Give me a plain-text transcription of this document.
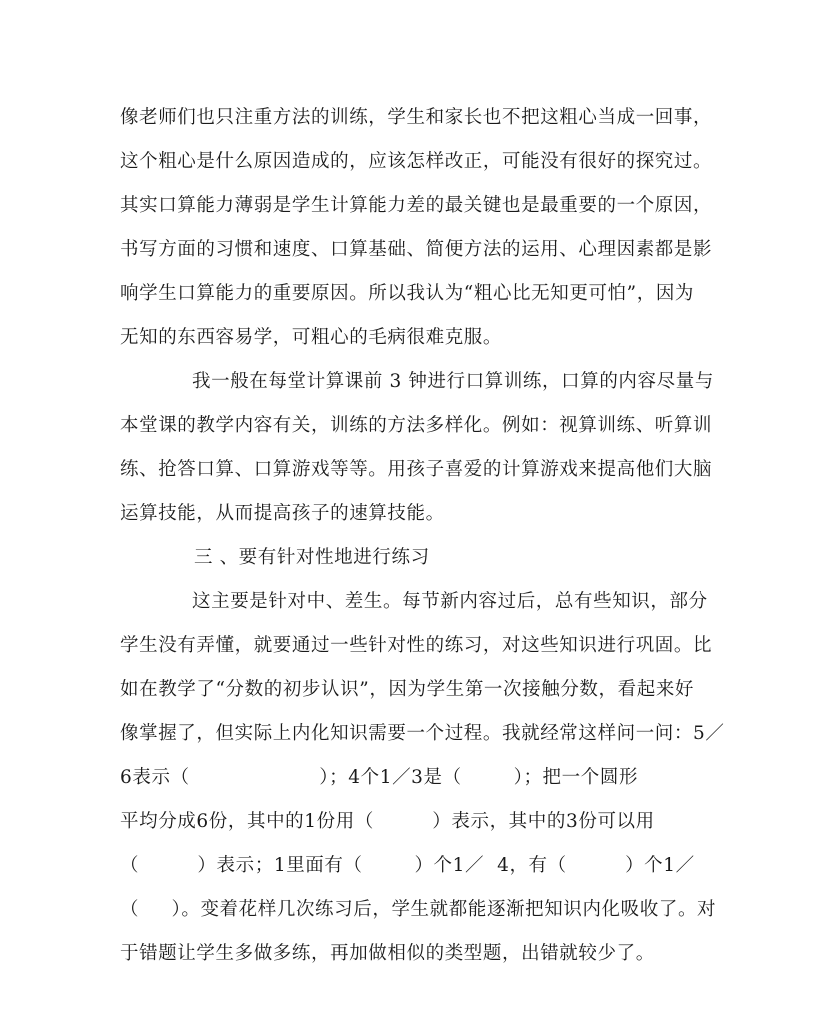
像老师们也只注重方法的训练，学生和家长也不把这粗心当成一回事，
这个粗心是什么原因造成的，应该怎样改正，可能没有很好的探究过。
其实口算能力薄弱是学生计算能力差的最关键也是最重要的一个原因，
书写方面的习惯和速度、口算基础、简便方法的运用、心理因素都是影
响学生口算能力的重要原因。所以我认为“粗心比无知更可怕”，因为
无知的东西容易学，可粗心的毛病很难克服。
我一般在每堂计算课前 3 钟进行口算训练，口算的内容尽量与
本堂课的教学内容有关，训练的方法多样化。例如：视算训练、听算训
练、抢答口算、口算游戏等等。用孩子喜爱的计算游戏来提高他们大脑
运算技能，从而提高孩子的速算技能。
三 、要有针对性地进行练习
这主要是针对中、差生。每节新内容过后，总有些知识，部分
学生没有弄懂，就要通过一些针对性的练习，对这些知识进行巩固。比
如在教学了“分数的初步认识”，因为学生第一次接触分数，看起来好
像掌握了，但实际上内化知识需要一个过程。我就经常这样问一问：5／
6表示（                    ）；4个1／3是（        ）；把一个圆形
平均分成6份，其中的1份用（         ）表示，其中的3份可以用
（         ）表示；1里面有（        ）个1／  4，有（         ）个1／
（     ）。变着花样几次练习后，学生就都能逐渐把知识内化吸收了。对
于错题让学生多做多练，再加做相似的类型题，出错就较少了。
